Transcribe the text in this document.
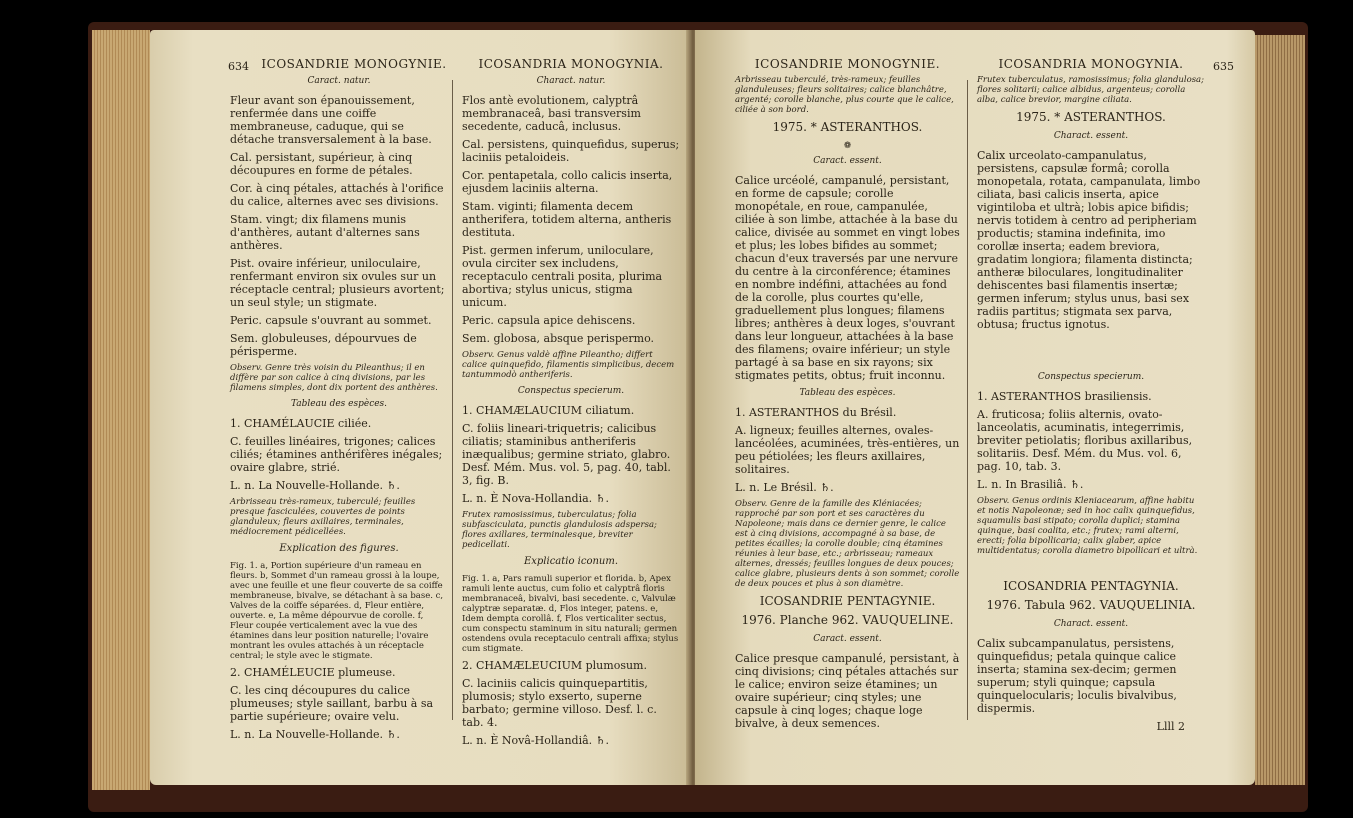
634	ICOSANDRIE MONOGYNIE.
Caract. natur.

Fleur avant son épanouissement, renfermée dans une coiffe membraneuse, caduque, qui se détache transversalement à la base.

Cal. persistant, supérieur, à cinq découpures en forme de pétales.

Cor. à cinq pétales, attachés à l'orifice du calice, alternes avec ses divisions.

Stam. vingt; dix filamens munis d'anthères, autant d'alternes sans anthères.

Pist. ovaire inférieur, uniloculaire, renfermant environ six ovules sur un réceptacle central; plusieurs avortent; un seul style; un stigmate.

Peric. capsule s'ouvrant au sommet.

Sem. globuleuses, dépourvues de périsperme.

Observ. Genre très voisin du Pileanthus; il en diffère par son calice à cinq divisions, par les filamens simples, dont dix portent des anthères.

Tableau des espèces.

1. CHAMÉLAUCIE ciliée.

C. feuilles linéaires, trigones; calices ciliés; étamines anthérifères inégales; ovaire glabre, strié.

L. n. La Nouvelle-Hollande. ♄.

Arbrisseau très-rameux, tuberculé; feuilles presque fasciculées, couvertes de points glanduleux; fleurs axillaires, terminales, médiocrement pédicellées.

Explication des figures.

Fig. 1. a, Portion supérieure d'un rameau en fleurs. b, Sommet d'un rameau grossi à la loupe, avec une feuille et une fleur couverte de sa coiffe membraneuse, bivalve, se détachant à sa base. c, Valves de la coiffe séparées. d, Fleur entière, ouverte. e, La même dépourvue de corolle. f, Fleur coupée verticalement avec la vue des étamines dans leur position naturelle; l'ovaire montrant les ovules attachés à un réceptacle central; le style avec le stigmate.

2. CHAMÉLEUCIE plumeuse.

C. les cinq découpures du calice plumeuses; style saillant, barbu à sa partie supérieure; ovaire velu.

L. n. La Nouvelle-Hollande. ♄.

ICOSANDRIA MONOGYNIA.
Charact. natur.

Flos antè evolutionem, calyptrâ membranaceâ, basi transversim secedente, caducâ, inclusus.

Cal. persistens, quinquefidus, superus; laciniis petaloideis.

Cor. pentapetala, collo calicis inserta, ejusdem laciniis alterna.

Stam. viginti; filamenta decem antherifera, totidem alterna, antheris destituta.

Pist. germen inferum, uniloculare, ovula circiter sex includens, receptaculo centrali posita, plurima abortiva; stylus unicus, stigma unicum.

Peric. capsula apice dehiscens.

Sem. globosa, absque perispermo.

Observ. Genus valdè affine Pileantho; differt calice quinquefido, filamentis simplicibus, decem tantummodò antheriferis.

Conspectus specierum.

1. CHAMÆLAUCIUM ciliatum.

C. foliis lineari-triquetris; calicibus ciliatis; staminibus antheriferis inæqualibus; germine striato, glabro. Desf. Mém. Mus. vol. 5, pag. 40, tabl. 3, fig. B.

L. n. È Nova-Hollandia. ♄.

Frutex ramosissimus, tuberculatus; folia subfasciculata, punctis glandulosis adspersa; flores axillares, terminalesque, breviter pedicellati.

Explicatio iconum.

Fig. 1. a, Pars ramuli superior et florida. b, Apex ramuli lente auctus, cum folio et calyptrâ floris membranaceâ, bivalvi, basi secedente. c, Valvulæ calyptræ separatæ. d, Flos integer, patens. e, Idem dempta corollâ. f, Flos verticaliter sectus, cum conspectu staminum in situ naturali; germen ostendens ovula receptaculo centrali affixa; stylus cum stigmate.

2. CHAMÆLEUCIUM plumosum.

C. laciniis calicis quinquepartitis, plumosis; stylo exserto, superne barbato; germine villoso. Desf. l. c. tab. 4.

L. n. È Novâ-Hollandiâ. ♄.

635
ICOSANDRIE MONOGYNIE.

Arbrisseau tuberculé, très-rameux; feuilles glanduleuses; fleurs solitaires; calice blanchâtre, argenté; corolle blanche, plus courte que le calice, ciliée à son bord.

1975. * ASTERANTHOS.
❁
Caract. essent.

Calice urcéolé, campanulé, persistant, en forme de capsule; corolle monopétale, en roue, campanulée, ciliée à son limbe, attachée à la base du calice, divisée au sommet en vingt lobes et plus; les lobes bifides au sommet; chacun d'eux traversés par une nervure du centre à la circonférence; étamines en nombre indéfini, attachées au fond de la corolle, plus courtes qu'elle, graduellement plus longues; filamens libres; anthères à deux loges, s'ouvrant dans leur longueur, attachées à la base des filamens; ovaire inférieur; un style partagé à sa base en six rayons; six stigmates petits, obtus; fruit inconnu.

Tableau des espèces.

1. ASTERANTHOS du Brésil.

A. ligneux; feuilles alternes, ovales-lancéolées, acuminées, très-entières, un peu pétiolées; les fleurs axillaires, solitaires.

L. n. Le Brésil. ♄.

Observ. Genre de la famille des Kléniacées; rapproché par son port et ses caractères du Napoleone; mais dans ce dernier genre, le calice est à cinq divisions, accompagné à sa base, de petites écailles; la corolle double; cinq étamines réunies à leur base, etc.; arbrisseau; rameaux alternes, dressés; feuilles longues de deux pouces; calice glabre, plusieurs dents à son sommet; corolle de deux pouces et plus à son diamètre.

ICOSANDRIE PENTAGYNIE.
1976. Planche 962. VAUQUELINE.
Caract. essent.

Calice presque campanulé, persistant, à cinq divisions; cinq pétales attachés sur le calice; environ seize étamines; un ovaire supérieur; cinq styles; une capsule à cinq loges; chaque loge bivalve, à deux semences.

ICOSANDRIA MONOGYNIA.

Frutex tuberculatus, ramosissimus; folia glandulosa; flores solitarii; calice albidus, argenteus; corolla alba, calice brevior, margine ciliata.

1975. * ASTERANTHOS.
Charact. essent.

Calix urceolato-campanulatus, persistens, capsulæ formâ; corolla monopetala, rotata, campanulata, limbo ciliata, basi calicis inserta, apice vigintiloba et ultrà; lobis apice bifidis; nervis totidem à centro ad peripheriam productis; stamina indefinita, imo corollæ inserta; eadem breviora, gradatim longiora; filamenta distincta; antheræ biloculares, longitudinaliter dehiscentes basi filamentis insertæ; germen inferum; stylus unus, basi sex radiis partitus; stigmata sex parva, obtusa; fructus ignotus.

Conspectus specierum.

1. ASTERANTHOS brasiliensis.

A. fruticosa; foliis alternis, ovato-lanceolatis, acuminatis, integerrimis, breviter petiolatis; floribus axillaribus, solitariis. Desf. Mém. du Mus. vol. 6, pag. 10, tab. 3.

L. n. In Brasiliâ. ♄.

Observ. Genus ordinis Kleniacearum, affine habitu et notis Napoleonæ; sed in hoc calix quinquefidus, squamulis basi stipato; corolla duplici; stamina quinque, basi coalita, etc.; frutex; rami alterni, erecti; folia bipollicaria; calix glaber, apice multidentatus; corolla diametro bipollicari et ultrà.

ICOSANDRIA PENTAGYNIA.
1976. Tabula 962. VAUQUELINIA.
Charact. essent.

Calix subcampanulatus, persistens, quinquefidus; petala quinque calice inserta; stamina sex-decim; germen superum; styli quinque; capsula quinquelocularis; loculis bivalvibus, dispermis.

Llll 2
